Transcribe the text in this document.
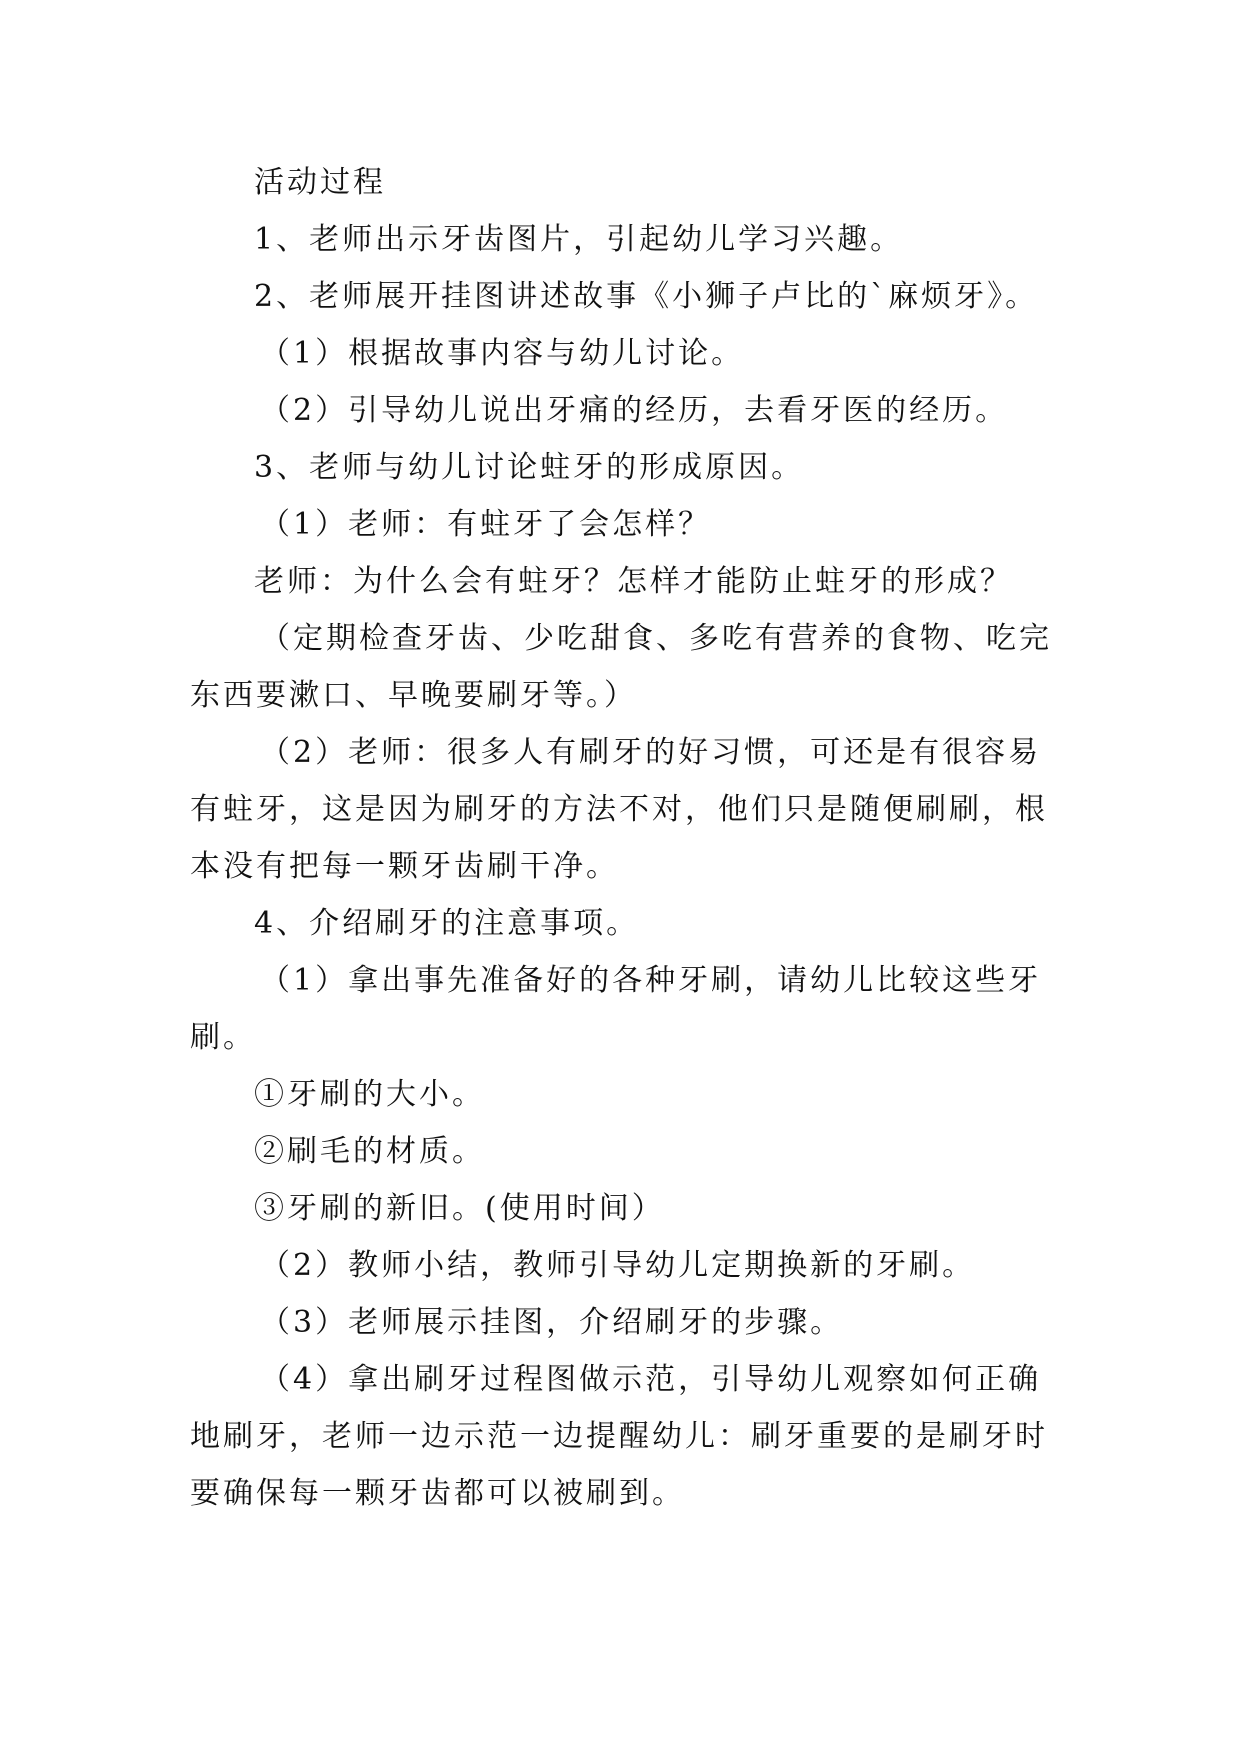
活动过程
1、老师出示牙齿图片，引起幼儿学习兴趣。
2、老师展开挂图讲述故事《小狮子卢比的`麻烦牙》。
（1）根据故事内容与幼儿讨论。
（2）引导幼儿说出牙痛的经历，去看牙医的经历。
3、老师与幼儿讨论蛀牙的形成原因。
（1）老师：有蛀牙了会怎样？
老师：为什么会有蛀牙？怎样才能防止蛀牙的形成？
（定期检查牙齿、少吃甜食、多吃有营养的食物、吃完
东西要漱口、早晚要刷牙等。）
（2）老师：很多人有刷牙的好习惯，可还是有很容易
有蛀牙，这是因为刷牙的方法不对，他们只是随便刷刷，根
本没有把每一颗牙齿刷干净。
4、介绍刷牙的注意事项。
（1）拿出事先准备好的各种牙刷，请幼儿比较这些牙
刷。
①牙刷的大小。
②刷毛的材质。
③牙刷的新旧。(使用时间）
（2）教师小结，教师引导幼儿定期换新的牙刷。
（3）老师展示挂图，介绍刷牙的步骤。
（4）拿出刷牙过程图做示范，引导幼儿观察如何正确
地刷牙，老师一边示范一边提醒幼儿：刷牙重要的是刷牙时
要确保每一颗牙齿都可以被刷到。
